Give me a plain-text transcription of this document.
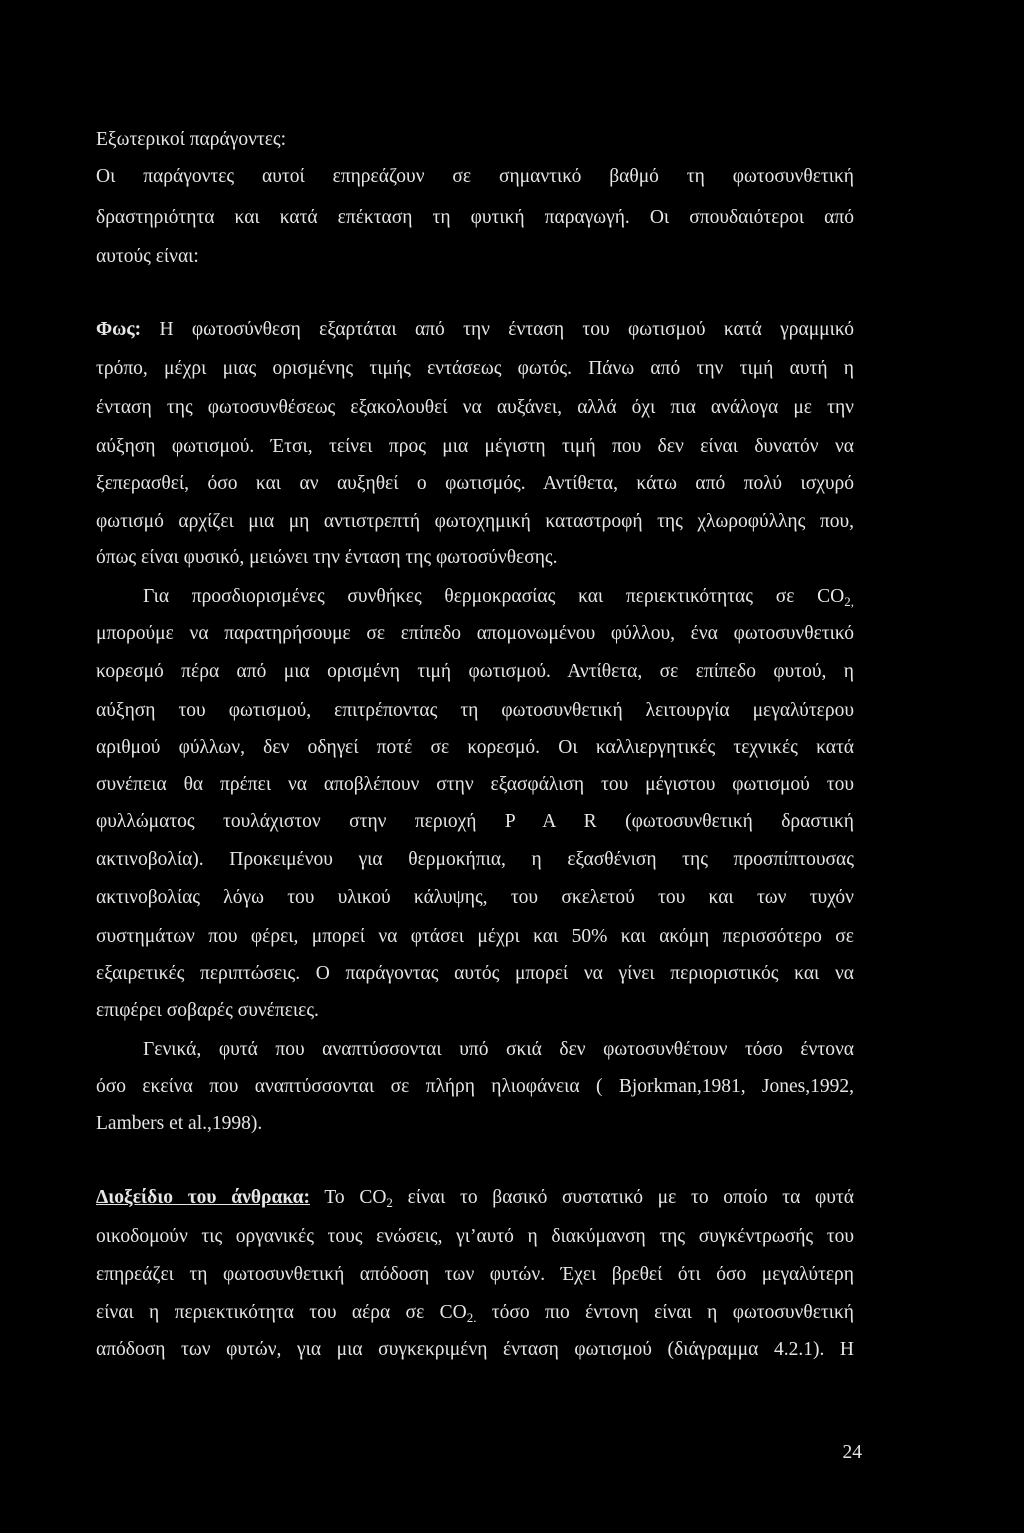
Εξωτερικοί παράγοντες:
Οι παράγοντες αυτοί επηρεάζουν σε σημαντικό βαθμό τη φωτοσυνθετική
δραστηριότητα και κατά επέκταση τη φυτική παραγωγή. Οι σπουδαιότεροι από
αυτούς είναι:
Φως: Η φωτοσύνθεση εξαρτάται από την ένταση του φωτισμού κατά γραμμικό
τρόπο, μέχρι μιας ορισμένης τιμής εντάσεως φωτός. Πάνω από την τιμή αυτή η
ένταση της φωτοσυνθέσεως εξακολουθεί να αυξάνει, αλλά όχι πια ανάλογα με την
αύξηση φωτισμού. Έτσι, τείνει προς μια μέγιστη τιμή που δεν είναι δυνατόν να
ξεπερασθεί, όσο και αν αυξηθεί ο φωτισμός. Αντίθετα, κάτω από πολύ ισχυρό
φωτισμό αρχίζει μια μη αντιστρεπτή φωτοχημική καταστροφή της χλωροφύλλης που,
όπως είναι φυσικό, μειώνει την ένταση της φωτοσύνθεσης.
Για προσδιορισμένες συνθήκες θερμοκρασίας και περιεκτικότητας σε $CO_{2,}$
μπορούμε να παρατηρήσουμε σε επίπεδο απομονωμένου φύλλου, ένα φωτοσυνθετικό
κορεσμό πέρα από μια ορισμένη τιμή φωτισμού. Αντίθετα, σε επίπεδο φυτού, η
αύξηση του φωτισμού, επιτρέποντας τη φωτοσυνθετική λειτουργία μεγαλύτερου
αριθμού φύλλων, δεν οδηγεί ποτέ σε κορεσμό. Οι καλλιεργητικές τεχνικές κατά
συνέπεια θα πρέπει να αποβλέπουν στην εξασφάλιση του μέγιστου φωτισμού του
φυλλώματος τουλάχιστον στην περιοχή P A R (φωτοσυνθετική δραστική
ακτινοβολία). Προκειμένου για θερμοκήπια, η εξασθένιση της προσπίπτουσας
ακτινοβολίας λόγω του υλικού κάλυψης, του σκελετού του και των τυχόν
συστημάτων που φέρει, μπορεί να φτάσει μέχρι και 50% και ακόμη περισσότερο σε
εξαιρετικές περιπτώσεις. Ο παράγοντας αυτός μπορεί να γίνει περιοριστικός και να
επιφέρει σοβαρές συνέπειες.
Γενικά, φυτά που αναπτύσσονται υπό σκιά δεν φωτοσυνθέτουν τόσο έντονα
όσο εκείνα που αναπτύσσονται σε πλήρη ηλιοφάνεια ( Bjorkman,1981, Jones,1992,
Lambers et al.,1998).
Διοξείδιο του άνθρακα: Το $CO_2$ είναι το βασικό συστατικό με το οποίο τα φυτά
οικοδομούν τις οργανικές τους ενώσεις, γι’αυτό η διακύμανση της συγκέντρωσής του
επηρεάζει τη φωτοσυνθετική απόδοση των φυτών. Έχει βρεθεί ότι όσο μεγαλύτερη
είναι η περιεκτικότητα του αέρα σε $CO_{2.}$ τόσο πιο έντονη είναι η φωτοσυνθετική
απόδοση των φυτών, για μια συγκεκριμένη ένταση φωτισμού (διάγραμμα 4.2.1). Η
24
